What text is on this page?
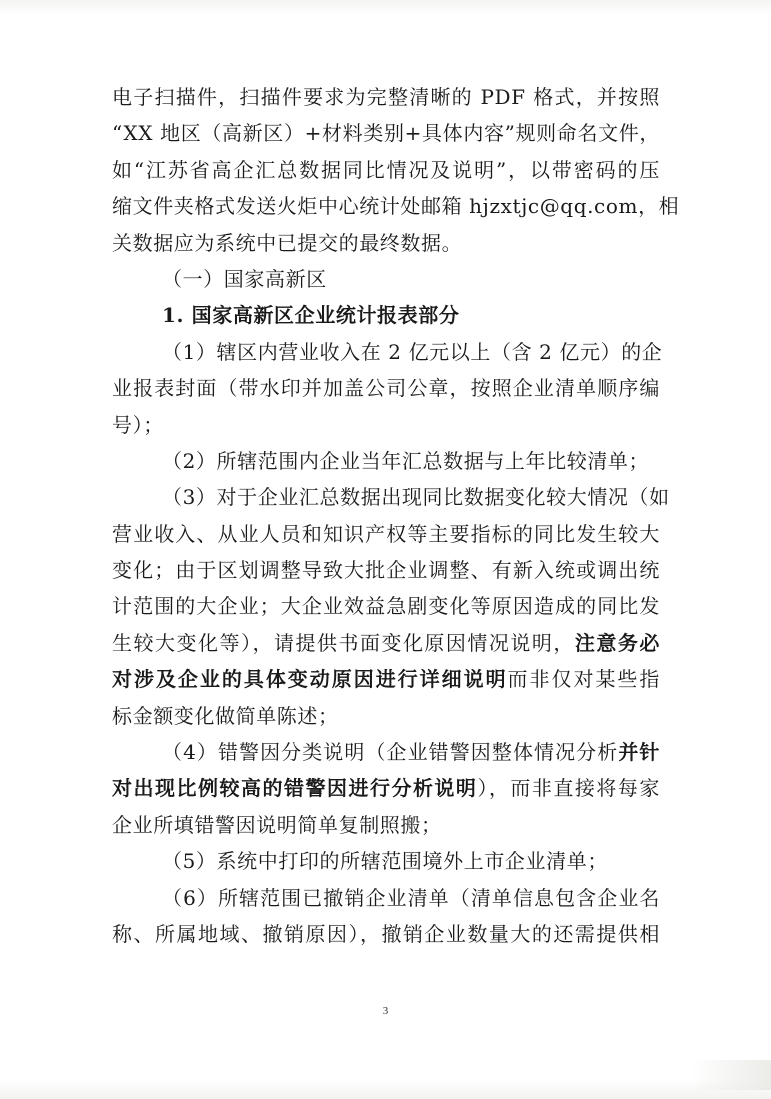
电子扫描件，扫描件要求为完整清晰的 PDF 格式，并按照
“XX 地区（高新区）+材料类别+具体内容”规则命名文件，
如“江苏省高企汇总数据同比情况及说明”，以带密码的压
缩文件夹格式发送火炬中心统计处邮箱 hjzxtjc@qq.com，相
关数据应为系统中已提交的最终数据。
（一）国家高新区
1. 国家高新区企业统计报表部分
（1）辖区内营业收入在 2 亿元以上（含 2 亿元）的企
业报表封面（带水印并加盖公司公章，按照企业清单顺序编
号）；
（2）所辖范围内企业当年汇总数据与上年比较清单；
（3）对于企业汇总数据出现同比数据变化较大情况（如
营业收入、从业人员和知识产权等主要指标的同比发生较大
变化；由于区划调整导致大批企业调整、有新入统或调出统
计范围的大企业；大企业效益急剧变化等原因造成的同比发
生较大变化等），请提供书面变化原因情况说明，注意务必
对涉及企业的具体变动原因进行详细说明而非仅对某些指
标金额变化做简单陈述；
（4）错警因分类说明（企业错警因整体情况分析并针
对出现比例较高的错警因进行分析说明），而非直接将每家
企业所填错警因说明简单复制照搬；
（5）系统中打印的所辖范围境外上市企业清单；
（6）所辖范围已撤销企业清单（清单信息包含企业名
称、所属地域、撤销原因），撤销企业数量大的还需提供相
3
